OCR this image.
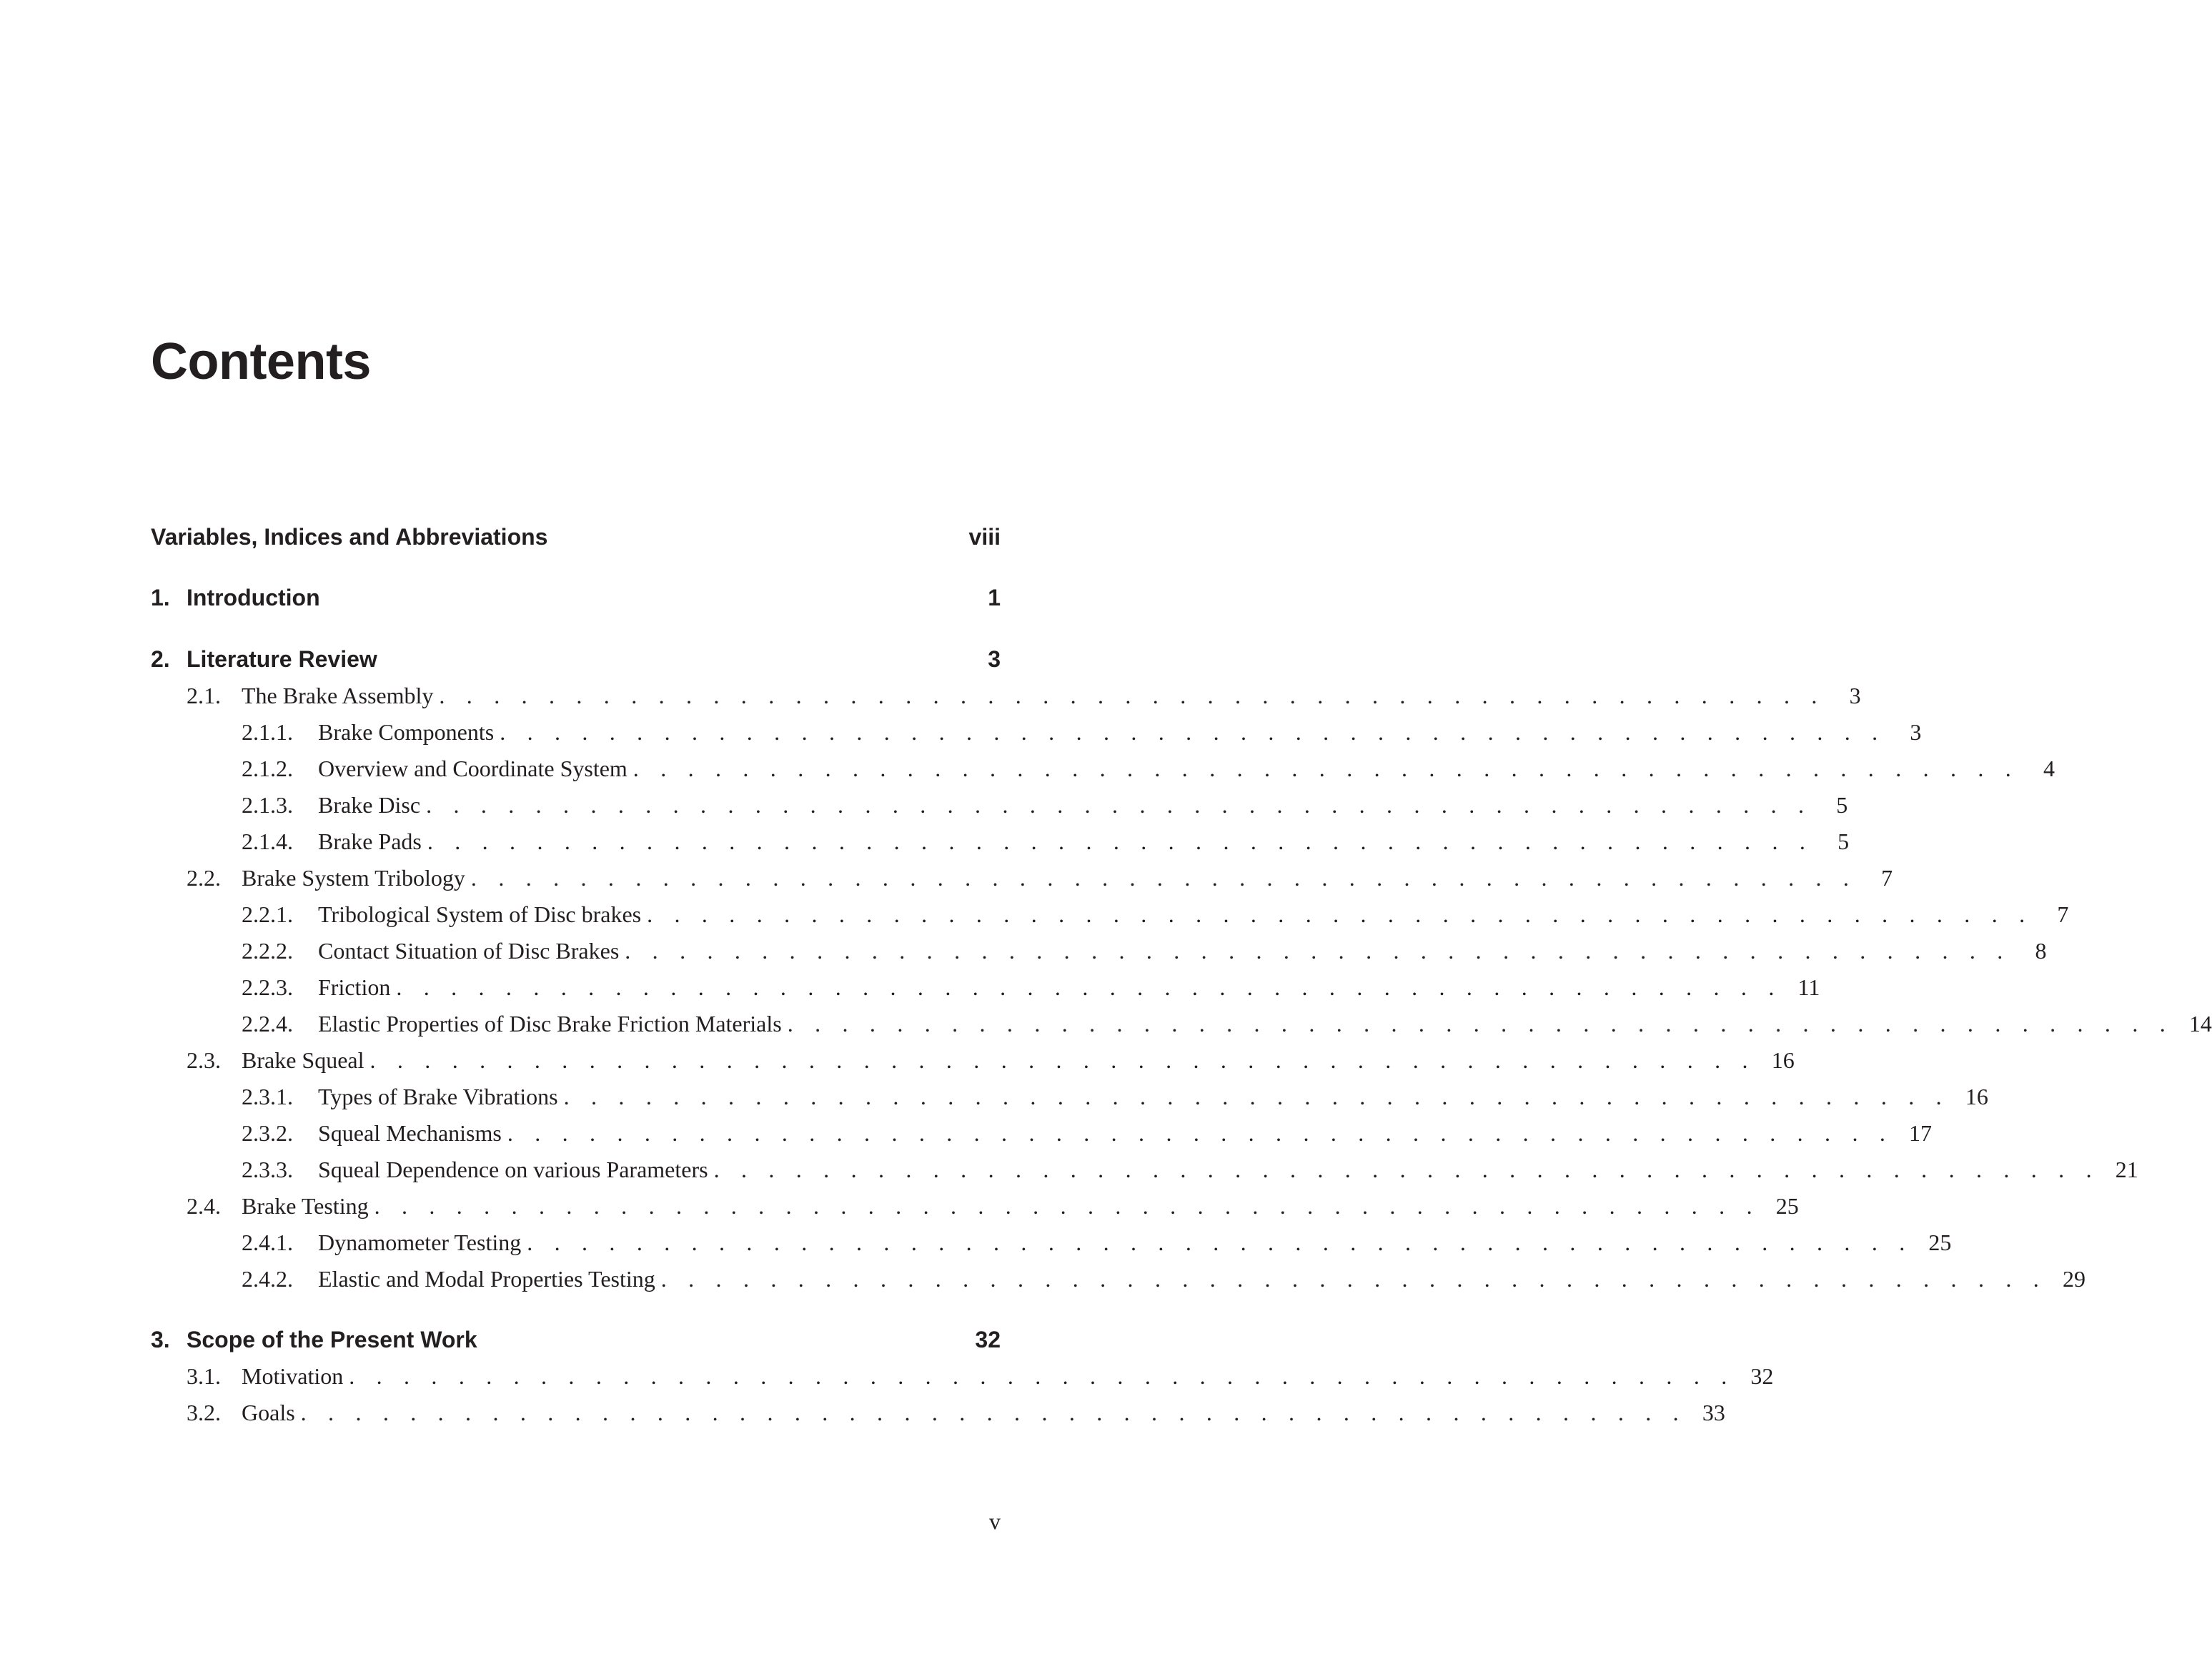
Contents
Variables, Indices and Abbreviations	viii
1. Introduction	1
2. Literature Review	3
2.1. The Brake Assembly . . . . . . . . . . . . . . . . . . . . . . . . . . . . . . . . . . . . . . . . . . . . . . . . . . .	3
2.1.1.	Brake Components . . . . . . . . . . . . . . . . . . . . . . . . . . . . . . . . . . . . . . . . . . . . . . . . . . .	3
2.1.2.	Overview and Coordinate System . . . . . . . . . . . . . . . . . . . . . . . . . . . . . . . . . . . . . . . . . . . . . . . . . . .	4
2.1.3.	Brake Disc . . . . . . . . . . . . . . . . . . . . . . . . . . . . . . . . . . . . . . . . . . . . . . . . . . .	5
2.1.4.	Brake Pads . . . . . . . . . . . . . . . . . . . . . . . . . . . . . . . . . . . . . . . . . . . . . . . . . . .	5
2.2. Brake System Tribology . . . . . . . . . . . . . . . . . . . . . . . . . . . . . . . . . . . . . . . . . . . . . . . . . . .	7
2.2.1.	Tribological System of Disc brakes . . . . . . . . . . . . . . . . . . . . . . . . . . . . . . . . . . . . . . . . . . . . . . . . . . .	7
2.2.2.	Contact Situation of Disc Brakes . . . . . . . . . . . . . . . . . . . . . . . . . . . . . . . . . . . . . . . . . . . . . . . . . . .	8
2.2.3.	Friction . . . . . . . . . . . . . . . . . . . . . . . . . . . . . . . . . . . . . . . . . . . . . . . . . . . 11
2.2.4.	Elastic Properties of Disc Brake Friction Materials . . . . . . . . . . . . . . . . . . . . . . . . . . . . . . . . . . . . . . . . . . . . . . . . . . . 14
2.3. Brake Squeal . . . . . . . . . . . . . . . . . . . . . . . . . . . . . . . . . . . . . . . . . . . . . . . . . . . 16
2.3.1.	Types of Brake Vibrations . . . . . . . . . . . . . . . . . . . . . . . . . . . . . . . . . . . . . . . . . . . . . . . . . . . 16
2.3.2.	Squeal Mechanisms . . . . . . . . . . . . . . . . . . . . . . . . . . . . . . . . . . . . . . . . . . . . . . . . . . . 17
2.3.3.	Squeal Dependence on various Parameters . . . . . . . . . . . . . . . . . . . . . . . . . . . . . . . . . . . . . . . . . . . . . . . . . . . 21
2.4. Brake Testing . . . . . . . . . . . . . . . . . . . . . . . . . . . . . . . . . . . . . . . . . . . . . . . . . . . 25
2.4.1.	Dynamometer Testing . . . . . . . . . . . . . . . . . . . . . . . . . . . . . . . . . . . . . . . . . . . . . . . . . . . 25
2.4.2.	Elastic and Modal Properties Testing . . . . . . . . . . . . . . . . . . . . . . . . . . . . . . . . . . . . . . . . . . . . . . . . . . . 29
3. Scope of the Present Work	32
3.1. Motivation . . . . . . . . . . . . . . . . . . . . . . . . . . . . . . . . . . . . . . . . . . . . . . . . . . . 32
3.2. Goals . . . . . . . . . . . . . . . . . . . . . . . . . . . . . . . . . . . . . . . . . . . . . . . . . . . 33
v
